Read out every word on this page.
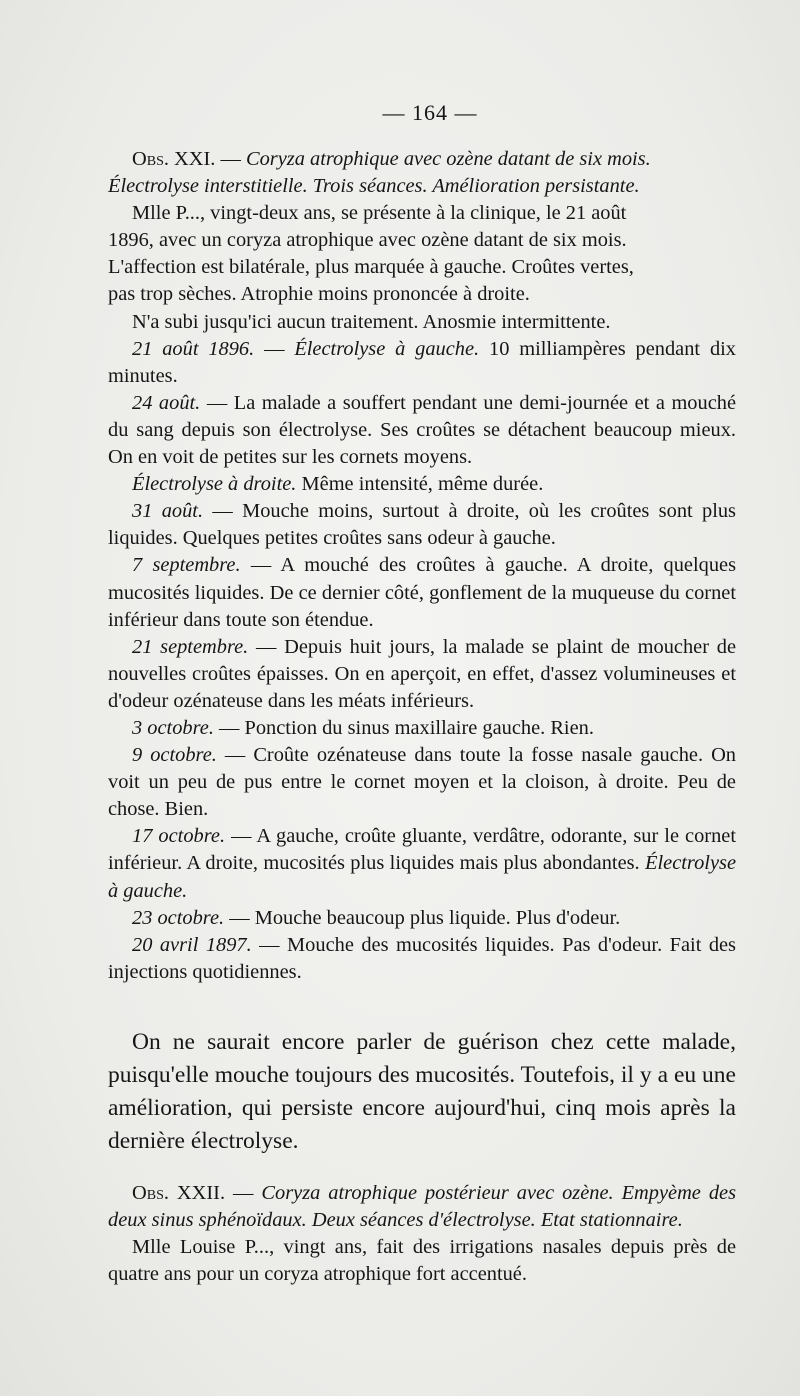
— 164 —

Obs. XXI. — Coryza atrophique avec ozène datant de six mois.

Électrolyse interstitielle. Trois séances. Amélioration persistante.

Mlle P..., vingt-deux ans, se présente à la clinique, le 21 août

1896, avec un coryza atrophique avec ozène datant de six mois.

L'affection est bilatérale, plus marquée à gauche. Croûtes vertes,

pas trop sèches. Atrophie moins prononcée à droite.

N'a subi jusqu'ici aucun traitement. Anosmie intermittente.

21 août 1896. — Électrolyse à gauche. 10 milliampères pendant dix minutes.

24 août. — La malade a souffert pendant une demi-journée et a mouché du sang depuis son électrolyse. Ses croûtes se détachent beaucoup mieux. On en voit de petites sur les cornets moyens.

Électrolyse à droite. Même intensité, même durée.

31 août. — Mouche moins, surtout à droite, où les croûtes sont plus liquides. Quelques petites croûtes sans odeur à gauche.

7 septembre. — A mouché des croûtes à gauche. A droite, quelques mucosités liquides. De ce dernier côté, gonflement de la muqueuse du cornet inférieur dans toute son étendue.

21 septembre. — Depuis huit jours, la malade se plaint de moucher de nouvelles croûtes épaisses. On en aperçoit, en effet, d'assez volumineuses et d'odeur ozénateuse dans les méats inférieurs.

3 octobre. — Ponction du sinus maxillaire gauche. Rien.

9 octobre. — Croûte ozénateuse dans toute la fosse nasale gauche. On voit un peu de pus entre le cornet moyen et la cloison, à droite. Peu de chose. Bien.

17 octobre. — A gauche, croûte gluante, verdâtre, odorante, sur le cornet inférieur. A droite, mucosités plus liquides mais plus abondantes. Électrolyse à gauche.

23 octobre. — Mouche beaucoup plus liquide. Plus d'odeur.

20 avril 1897. — Mouche des mucosités liquides. Pas d'odeur. Fait des injections quotidiennes.

On ne saurait encore parler de guérison chez cette malade, puisqu'elle mouche toujours des mucosités. Toutefois, il y a eu une amélioration, qui persiste encore aujourd'hui, cinq mois après la dernière électrolyse.

Obs. XXII. — Coryza atrophique postérieur avec ozène. Empyème des deux sinus sphénoïdaux. Deux séances d'électrolyse. Etat stationnaire.

Mlle Louise P..., vingt ans, fait des irrigations nasales depuis près de quatre ans pour un coryza atrophique fort accentué.
